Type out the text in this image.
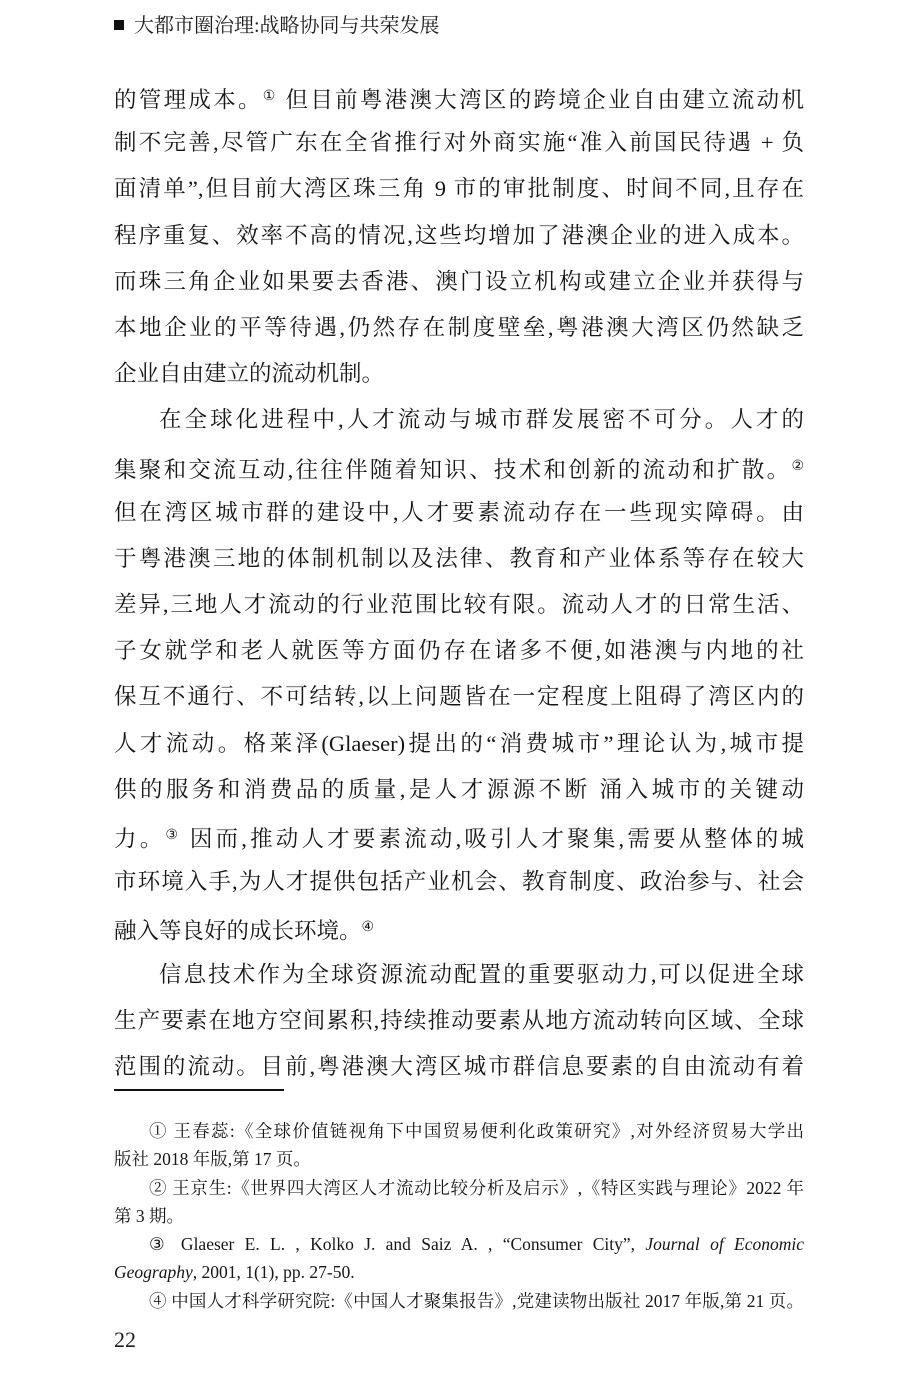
大都市圈治理:战略协同与共荣发展
的管理成本。① 但目前粤港澳大湾区的跨境企业自由建立流动机
制不完善,尽管广东在全省推行对外商实施“准入前国民待遇 + 负
面清单”,但目前大湾区珠三角 9 市的审批制度、时间不同,且存在
程序重复、效率不高的情况,这些均增加了港澳企业的进入成本。
而珠三角企业如果要去香港、澳门设立机构或建立企业并获得与
本地企业的平等待遇,仍然存在制度壁垒,粤港澳大湾区仍然缺乏
企业自由建立的流动机制。
在全球化进程中,人才流动与城市群发展密不可分。人才的
集聚和交流互动,往往伴随着知识、技术和创新的流动和扩散。②
但在湾区城市群的建设中,人才要素流动存在一些现实障碍。由
于粤港澳三地的体制机制以及法律、教育和产业体系等存在较大
差异,三地人才流动的行业范围比较有限。流动人才的日常生活、
子女就学和老人就医等方面仍存在诸多不便,如港澳与内地的社
保互不通行、不可结转,以上问题皆在一定程度上阻碍了湾区内的
人才流动。格莱泽(Glaeser)提出的“消费城市”理论认为,城市提
供的服务和消费品的质量,是人才源源不断 涌入城市的关键动
力。③ 因而,推动人才要素流动,吸引人才聚集,需要从整体的城
市环境入手,为人才提供包括产业机会、教育制度、政治参与、社会
融入等良好的成长环境。④
信息技术作为全球资源流动配置的重要驱动力,可以促进全球
生产要素在地方空间累积,持续推动要素从地方流动转向区域、全球
范围的流动。目前,粤港澳大湾区城市群信息要素的自由流动有着
① 王春蕊:《全球价值链视角下中国贸易便利化政策研究》,对外经济贸易大学出
版社 2018 年版,第 17 页。
② 王京生:《世界四大湾区人才流动比较分析及启示》,《特区实践与理论》2022 年
第 3 期。
③ Glaeser E. L. , Kolko J. and Saiz A. , “Consumer City”, Journal of Economic
Geography, 2001, 1(1), pp. 27-50.
④ 中国人才科学研究院:《中国人才聚集报告》,党建读物出版社 2017 年版,第 21 页。
22
